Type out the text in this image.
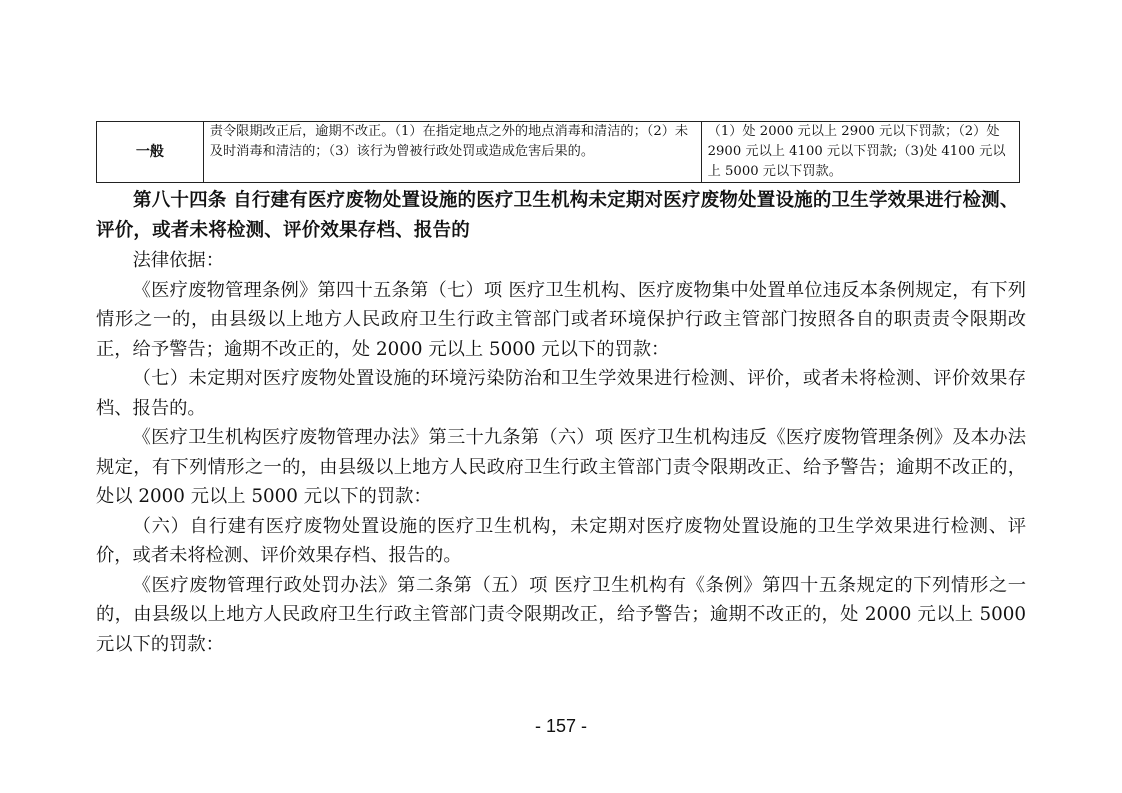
一般	责令限期改正后，逾期不改正。（1）在指定地点之外的地点消毒和清洁的；（2）未及时消毒和清洁的；（3）该行为曾被行政处罚或造成危害后果的。	（1）处 2000 元以上 2900 元以下罚款；（2）处 2900 元以上 4100 元以下罚款;（3)处 4100 元以上 5000 元以下罚款。

第八十四条 自行建有医疗废物处置设施的医疗卫生机构未定期对医疗废物处置设施的卫生学效果进行检测、评价，或者未将检测、评价效果存档、报告的

法律依据：

《医疗废物管理条例》第四十五条第（七）项 医疗卫生机构、医疗废物集中处置单位违反本条例规定，有下列情形之一的，由县级以上地方人民政府卫生行政主管部门或者环境保护行政主管部门按照各自的职责责令限期改正，给予警告；逾期不改正的，处 2000 元以上 5000 元以下的罚款：

（七）未定期对医疗废物处置设施的环境污染防治和卫生学效果进行检测、评价，或者未将检测、评价效果存档、报告的。

《医疗卫生机构医疗废物管理办法》第三十九条第（六）项 医疗卫生机构违反《医疗废物管理条例》及本办法规定，有下列情形之一的，由县级以上地方人民政府卫生行政主管部门责令限期改正、给予警告；逾期不改正的，处以 2000 元以上 5000 元以下的罚款：

（六）自行建有医疗废物处置设施的医疗卫生机构，未定期对医疗废物处置设施的卫生学效果进行检测、评价，或者未将检测、评价效果存档、报告的。

《医疗废物管理行政处罚办法》第二条第（五）项 医疗卫生机构有《条例》第四十五条规定的下列情形之一的，由县级以上地方人民政府卫生行政主管部门责令限期改正，给予警告；逾期不改正的，处 2000 元以上 5000 元以下的罚款：

- 157 -
